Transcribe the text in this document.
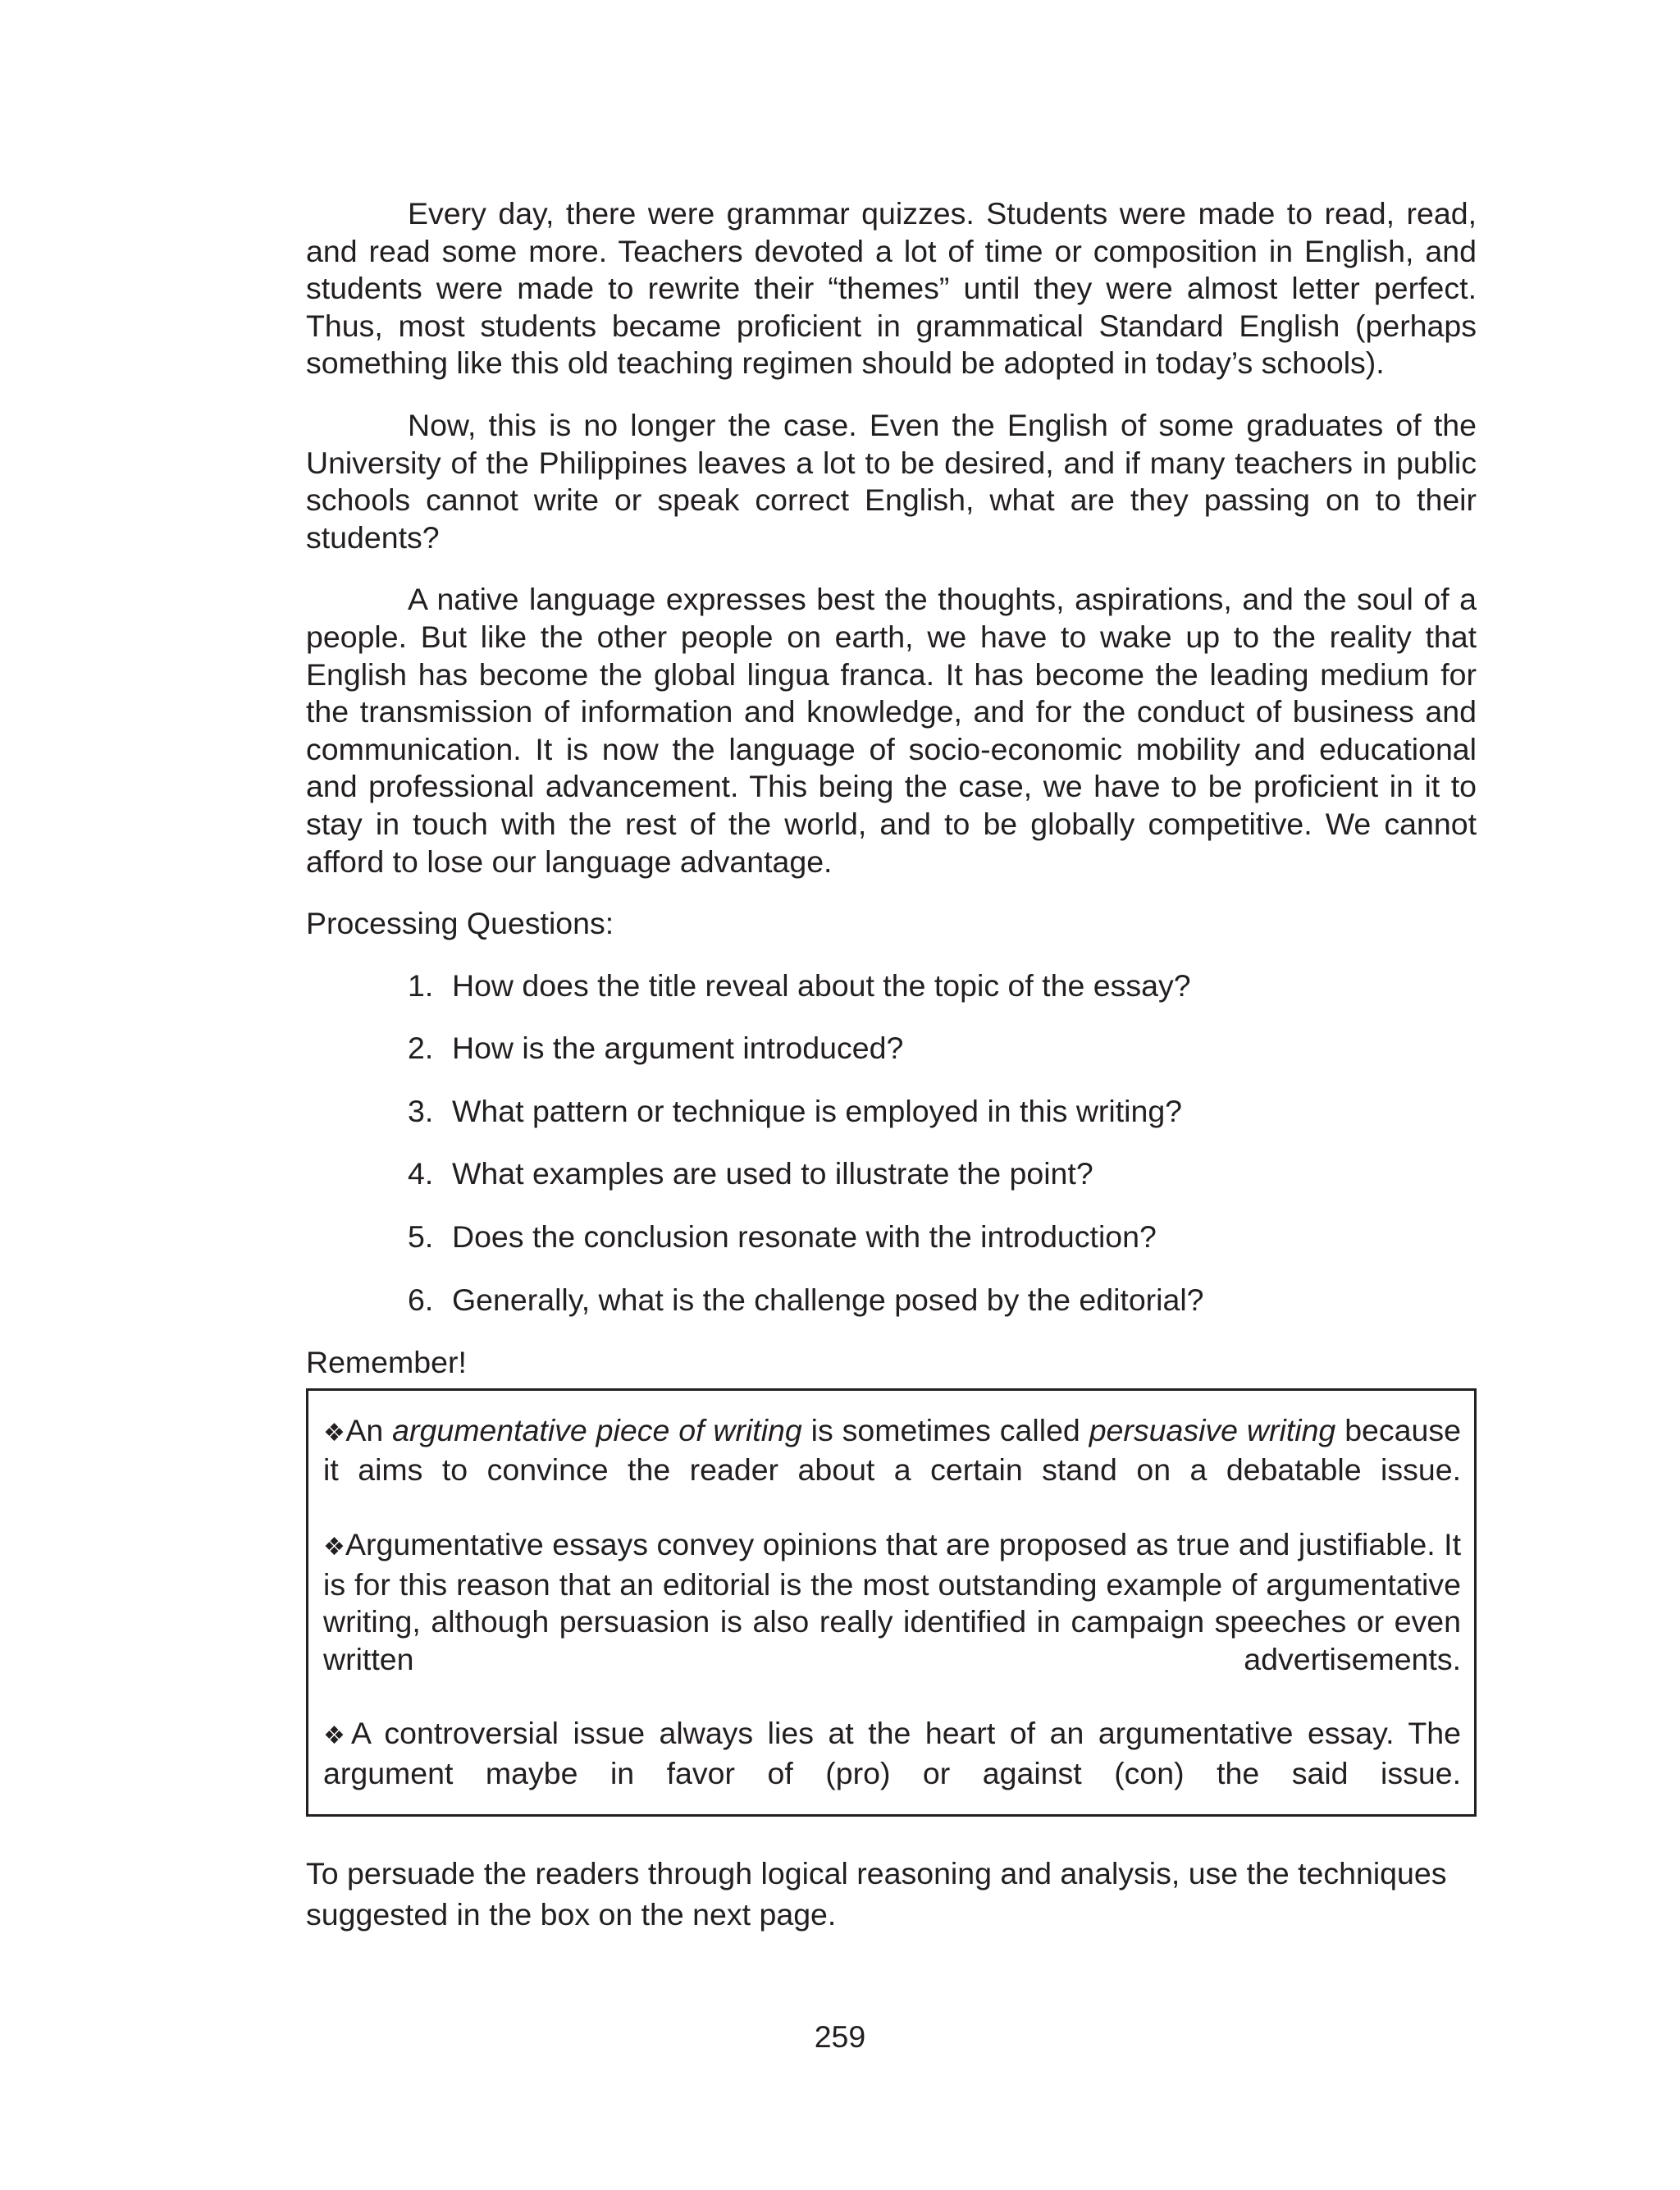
Every day, there were grammar quizzes. Students were made to read, read, and read some more. Teachers devoted a lot of time or composition in English, and students were made to rewrite their “themes” until they were almost letter perfect. Thus, most students became proficient in grammatical Standard English (perhaps something like this old teaching regimen should be adopted in today’s schools).

Now, this is no longer the case. Even the English of some graduates of the University of the Philippines leaves a lot to be desired, and if many teachers in public schools cannot write or speak correct English, what are they passing on to their students?

A native language expresses best the thoughts, aspirations, and the soul of a people. But like the other people on earth, we have to wake up to the reality that English has become the global lingua franca. It has become the leading medium for the transmission of information and knowledge, and for the conduct of business and communication. It is now the language of socio-economic mobility and educational and professional advancement. This being the case, we have to be proficient in it to stay in touch with the rest of the world, and to be globally competitive. We cannot afford to lose our language advantage.

Processing Questions:
1. How does the title reveal about the topic of the essay?
2. How is the argument introduced?
3. What pattern or technique is employed in this writing?
4. What examples are used to illustrate the point?
5. Does the conclusion resonate with the introduction?
6. Generally, what is the challenge posed by the editorial?
Remember!

❖An argumentative piece of writing is sometimes called persuasive writing because it aims to convince the reader about a certain stand on a debatable issue.

❖Argumentative essays convey opinions that are proposed as true and justifiable. It is for this reason that an editorial is the most outstanding example of argumentative writing, although persuasion is also really identified in campaign speeches or even written advertisements.

❖A controversial issue always lies at the heart of an argumentative essay. The argument maybe in favor of (pro) or against (con) the said issue.

To persuade the readers through logical reasoning and analysis, use the techniques suggested in the box on the next page.

259
